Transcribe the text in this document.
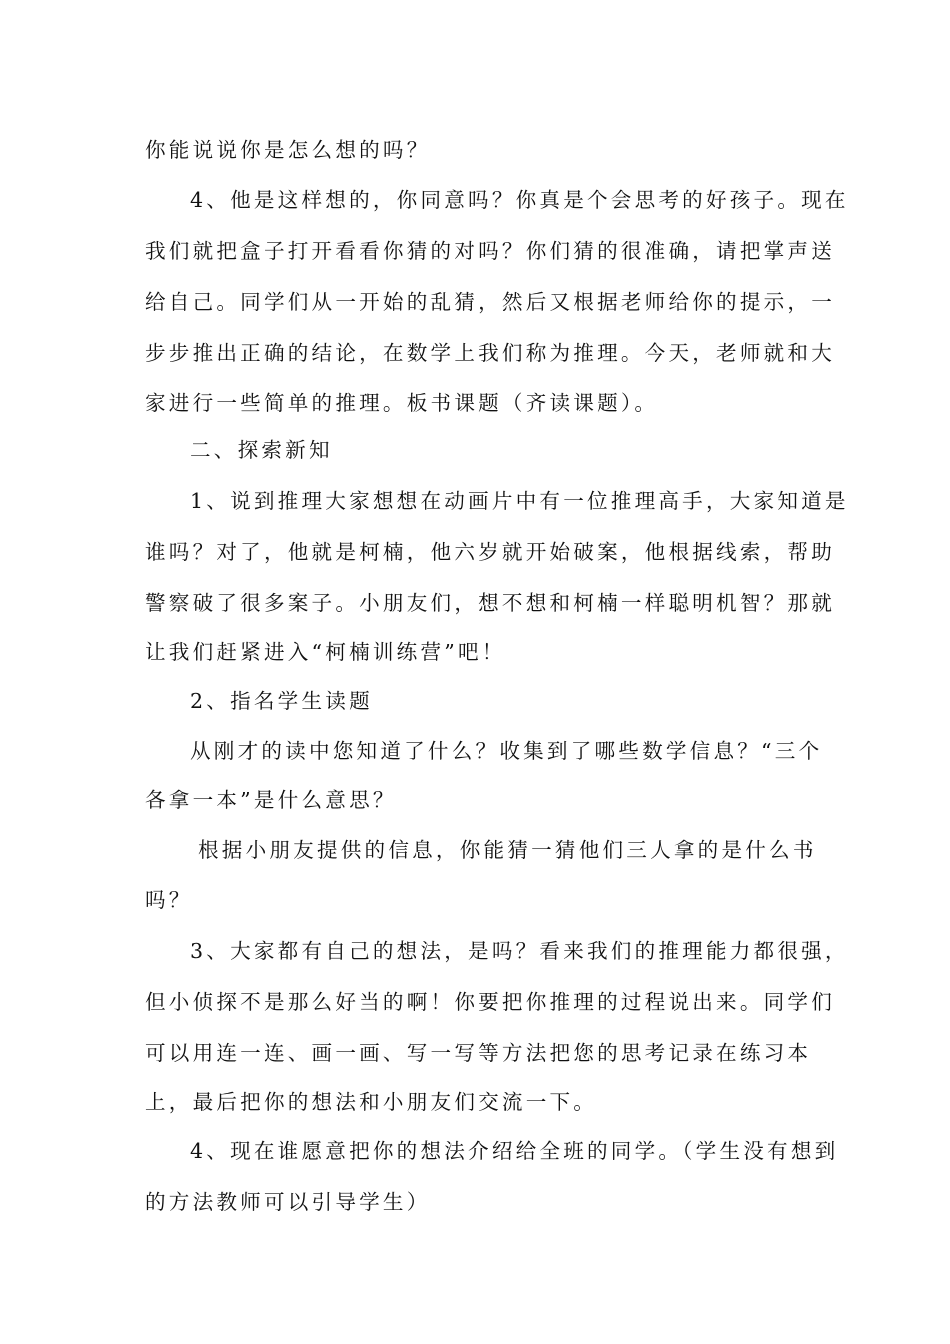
你能说说你是怎么想的吗？
4、他是这样想的，你同意吗？你真是个会思考的好孩子。现在
我们就把盒子打开看看你猜的对吗？你们猜的很准确，请把掌声送
给自己。同学们从一开始的乱猜，然后又根据老师给你的提示，一
步步推出正确的结论，在数学上我们称为推理。今天，老师就和大
家进行一些简单的推理。板书课题（齐读课题）。
二、探索新知
1、说到推理大家想想在动画片中有一位推理高手，大家知道是
谁吗？对了，他就是柯楠，他六岁就开始破案，他根据线索，帮助
警察破了很多案子。小朋友们，想不想和柯楠一样聪明机智？那就
让我们赶紧进入“柯楠训练营”吧！
2、指名学生读题
从刚才的读中您知道了什么？收集到了哪些数学信息？“三个
各拿一本”是什么意思？
根据小朋友提供的信息，你能猜一猜他们三人拿的是什么书
吗？
3、大家都有自己的想法，是吗？看来我们的推理能力都很强，
但小侦探不是那么好当的啊！你要把你推理的过程说出来。同学们
可以用连一连、画一画、写一写等方法把您的思考记录在练习本
上，最后把你的想法和小朋友们交流一下。
4、现在谁愿意把你的想法介绍给全班的同学。（学生没有想到
的方法教师可以引导学生）
